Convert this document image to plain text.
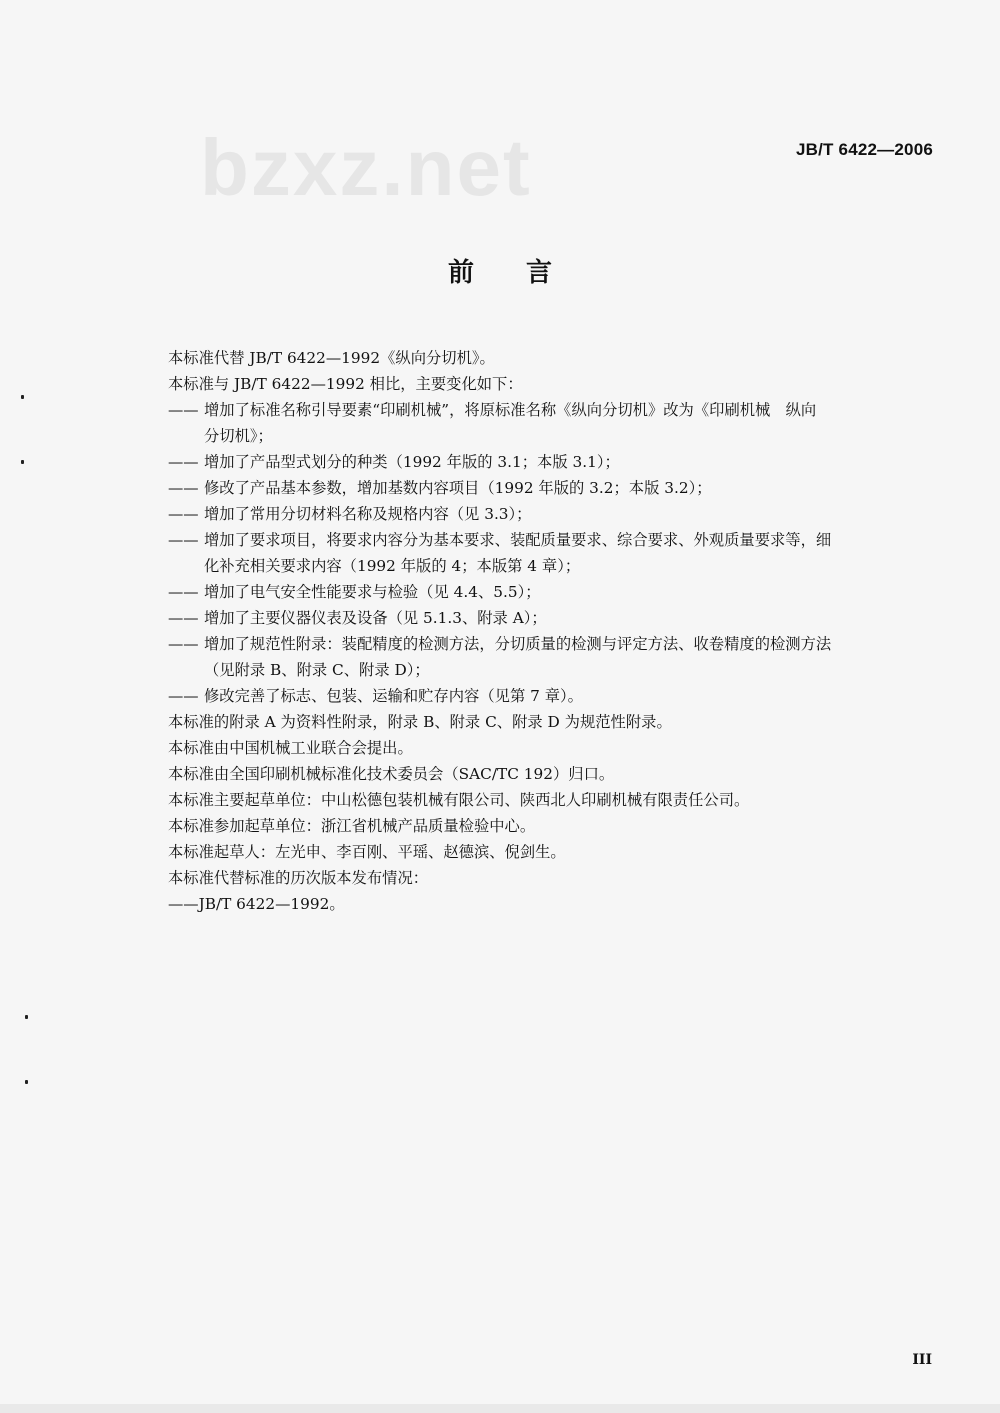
bzxz.net	JB/T 6422—2006
前言
本标准代替 JB/T 6422—1992《纵向分切机》。
本标准与 JB/T 6422—1992 相比，主要变化如下：
—— 增加了标准名称引导要素“印刷机械”，将原标准名称《纵向分切机》改为《印刷机械　纵向
分切机》；
—— 增加了产品型式划分的种类（1992 年版的 3.1；本版 3.1）；
—— 修改了产品基本参数，增加基数内容项目（1992 年版的 3.2；本版 3.2）；
—— 增加了常用分切材料名称及规格内容（见 3.3）；
—— 增加了要求项目，将要求内容分为基本要求、装配质量要求、综合要求、外观质量要求等，细
化补充相关要求内容（1992 年版的 4；本版第 4 章）；
—— 增加了电气安全性能要求与检验（见 4.4、5.5）；
—— 增加了主要仪器仪表及设备（见 5.1.3、附录 A）；
—— 增加了规范性附录：装配精度的检测方法，分切质量的检测与评定方法、收卷精度的检测方法
（见附录 B、附录 C、附录 D）；
—— 修改完善了标志、包装、运输和贮存内容（见第 7 章）。
本标准的附录 A 为资料性附录，附录 B、附录 C、附录 D 为规范性附录。
本标准由中国机械工业联合会提出。
本标准由全国印刷机械标准化技术委员会（SAC/TC 192）归口。
本标准主要起草单位：中山松德包装机械有限公司、陕西北人印刷机械有限责任公司。
本标准参加起草单位：浙江省机械产品质量检验中心。
本标准起草人：左光申、李百刚、平瑶、赵德滨、倪剑生。
本标准代替标准的历次版本发布情况：
——JB/T 6422—1992。
III
